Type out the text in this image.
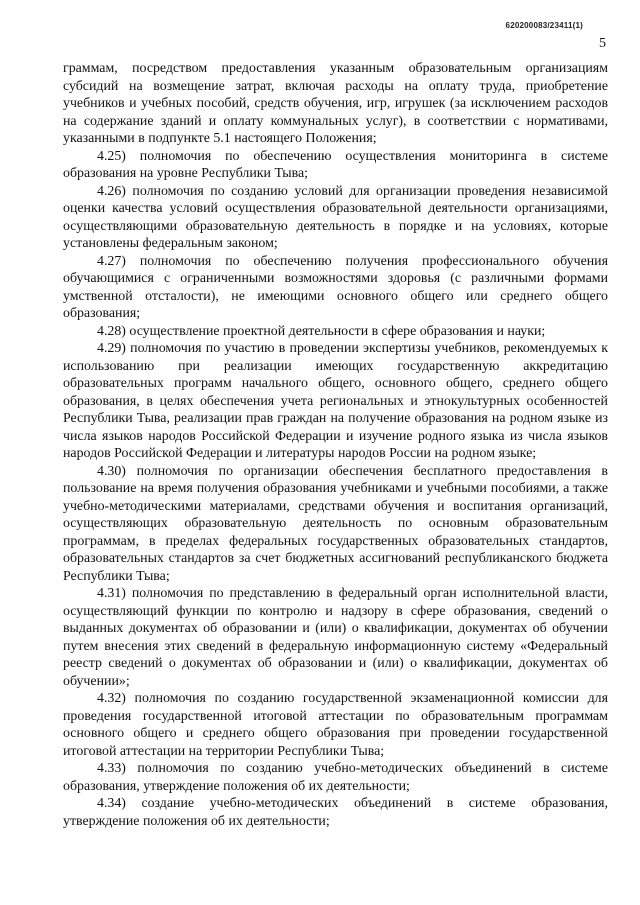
620200083/23411(1)
5

граммам, посредством предоставления указанным образовательным организациям субсидий на возмещение затрат, включая расходы на оплату труда, приобретение учебников и учебных пособий, средств обучения, игр, игрушек (за исключением расходов на содержание зданий и оплату коммунальных услуг), в соответствии с нормативами, указанными в подпункте 5.1 настоящего Положения;

4.25) полномочия по обеспечению осуществления мониторинга в системе образования на уровне Республики Тыва;

4.26) полномочия по созданию условий для организации проведения независимой оценки качества условий осуществления образовательной деятельности организациями, осуществляющими образовательную деятельность в порядке и на условиях, которые установлены федеральным законом;

4.27) полномочия по обеспечению получения профессионального обучения обучающимися с ограниченными возможностями здоровья (с различными формами умственной отсталости), не имеющими основного общего или среднего общего образования;

4.28) осуществление проектной деятельности в сфере образования и науки;

4.29) полномочия по участию в проведении экспертизы учебников, рекомендуемых к использованию при реализации имеющих государственную аккредитацию образовательных программ начального общего, основного общего, среднего общего образования, в целях обеспечения учета региональных и этнокультурных особенностей Республики Тыва, реализации прав граждан на получение образования на родном языке из числа языков народов Российской Федерации и изучение родного языка из числа языков народов Российской Федерации и литературы народов России на родном языке;

4.30) полномочия по организации обеспечения бесплатного предоставления в пользование на время получения образования учебниками и учебными пособиями, а также учебно-методическими материалами, средствами обучения и воспитания организаций, осуществляющих образовательную деятельность по основным образовательным программам, в пределах федеральных государственных образовательных стандартов, образовательных стандартов за счет бюджетных ассигнований республиканского бюджета Республики Тыва;

4.31) полномочия по представлению в федеральный орган исполнительной власти, осуществляющий функции по контролю и надзору в сфере образования, сведений о выданных документах об образовании и (или) о квалификации, документах об обучении путем внесения этих сведений в федеральную информационную систему «Федеральный реестр сведений о документах об образовании и (или) о квалификации, документах об обучении»;

4.32) полномочия по созданию государственной экзаменационной комиссии для проведения государственной итоговой аттестации по образовательным программам основного общего и среднего общего образования при проведении государственной итоговой аттестации на территории Республики Тыва;

4.33) полномочия по созданию учебно-методических объединений в системе образования, утверждение положения об их деятельности;

4.34) создание учебно-методических объединений в системе образования, утверждение положения об их деятельности;
